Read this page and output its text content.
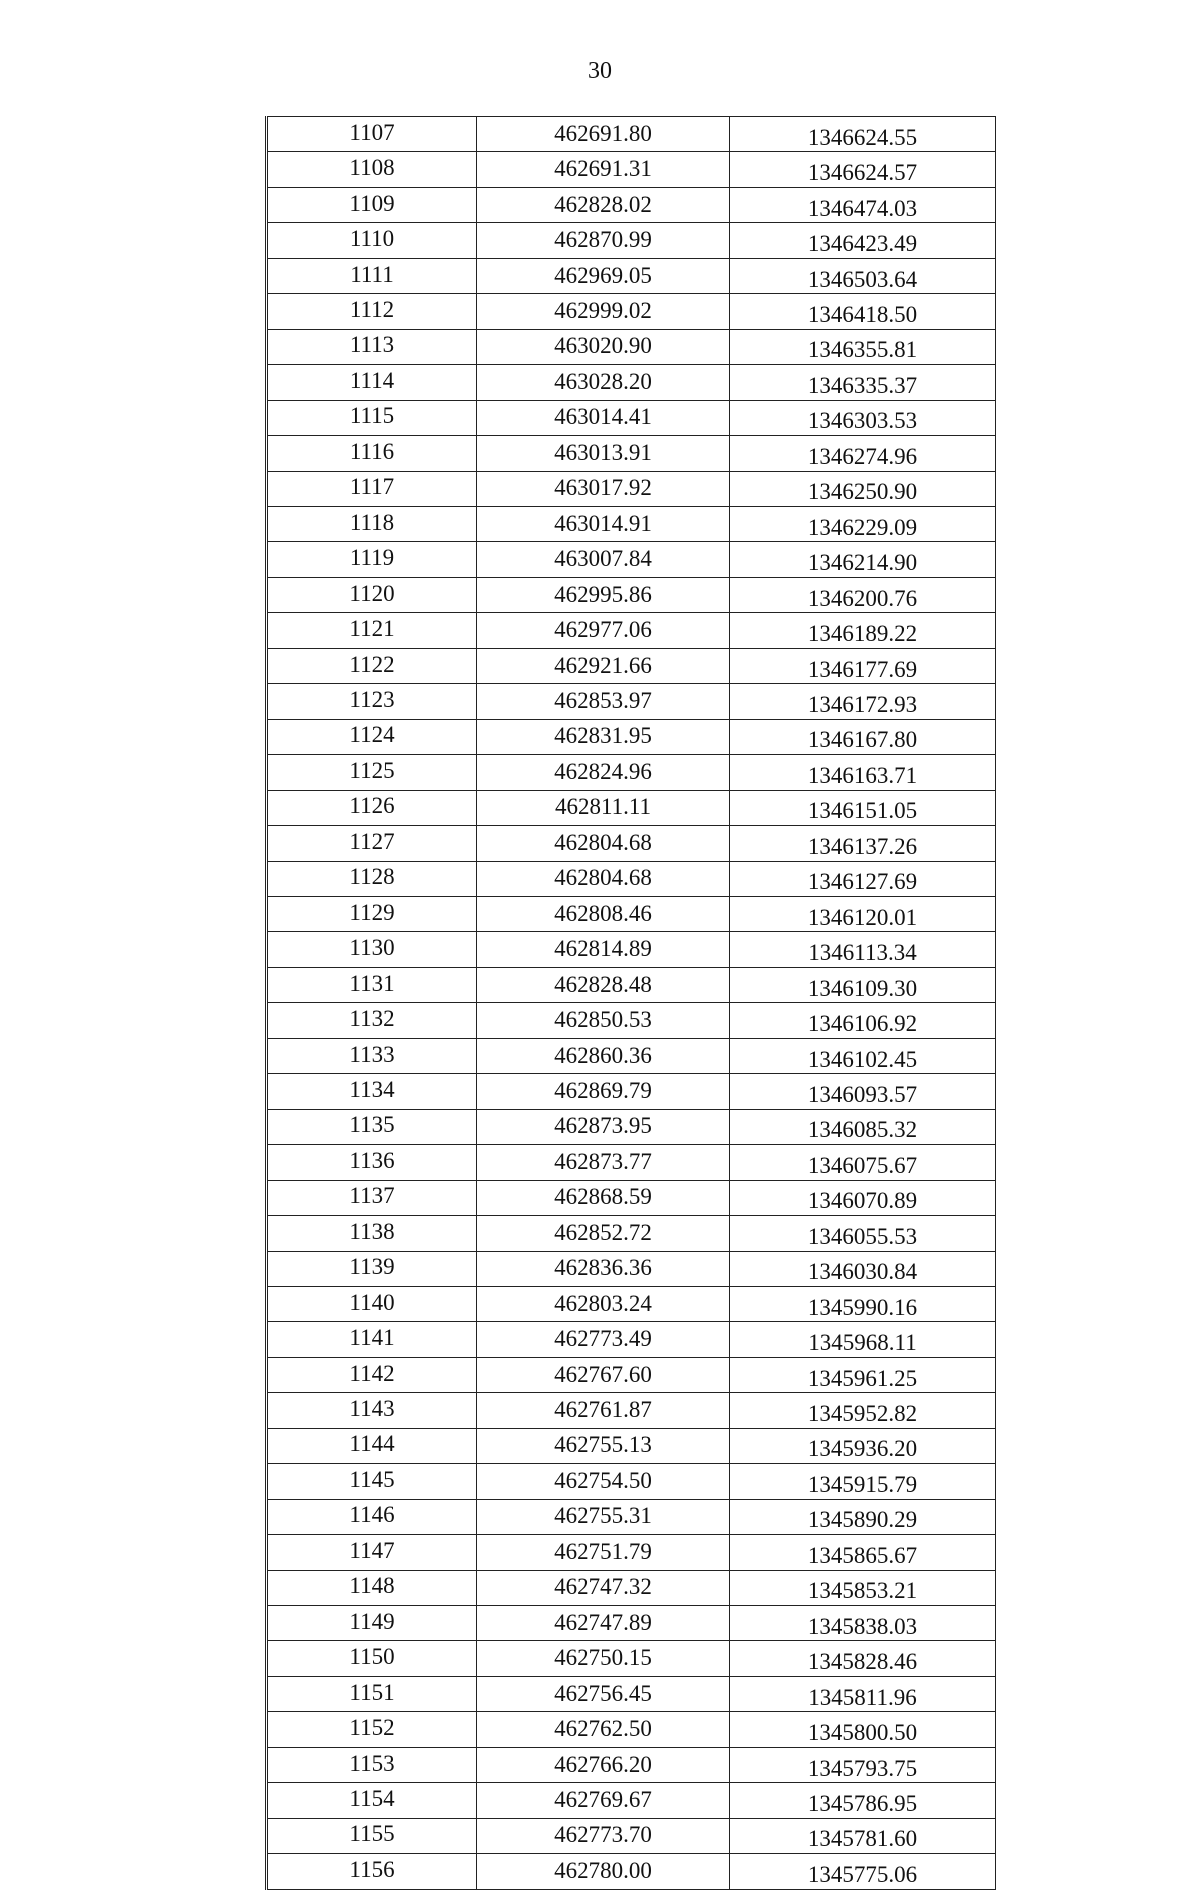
30
1107	462691.80	1346624.55
1108	462691.31	1346624.57
1109	462828.02	1346474.03
1110	462870.99	1346423.49
1111	462969.05	1346503.64
1112	462999.02	1346418.50
1113	463020.90	1346355.81
1114	463028.20	1346335.37
1115	463014.41	1346303.53
1116	463013.91	1346274.96
1117	463017.92	1346250.90
1118	463014.91	1346229.09
1119	463007.84	1346214.90
1120	462995.86	1346200.76
1121	462977.06	1346189.22
1122	462921.66	1346177.69
1123	462853.97	1346172.93
1124	462831.95	1346167.80
1125	462824.96	1346163.71
1126	462811.11	1346151.05
1127	462804.68	1346137.26
1128	462804.68	1346127.69
1129	462808.46	1346120.01
1130	462814.89	1346113.34
1131	462828.48	1346109.30
1132	462850.53	1346106.92
1133	462860.36	1346102.45
1134	462869.79	1346093.57
1135	462873.95	1346085.32
1136	462873.77	1346075.67
1137	462868.59	1346070.89
1138	462852.72	1346055.53
1139	462836.36	1346030.84
1140	462803.24	1345990.16
1141	462773.49	1345968.11
1142	462767.60	1345961.25
1143	462761.87	1345952.82
1144	462755.13	1345936.20
1145	462754.50	1345915.79
1146	462755.31	1345890.29
1147	462751.79	1345865.67
1148	462747.32	1345853.21
1149	462747.89	1345838.03
1150	462750.15	1345828.46
1151	462756.45	1345811.96
1152	462762.50	1345800.50
1153	462766.20	1345793.75
1154	462769.67	1345786.95
1155	462773.70	1345781.60
1156	462780.00	1345775.06
